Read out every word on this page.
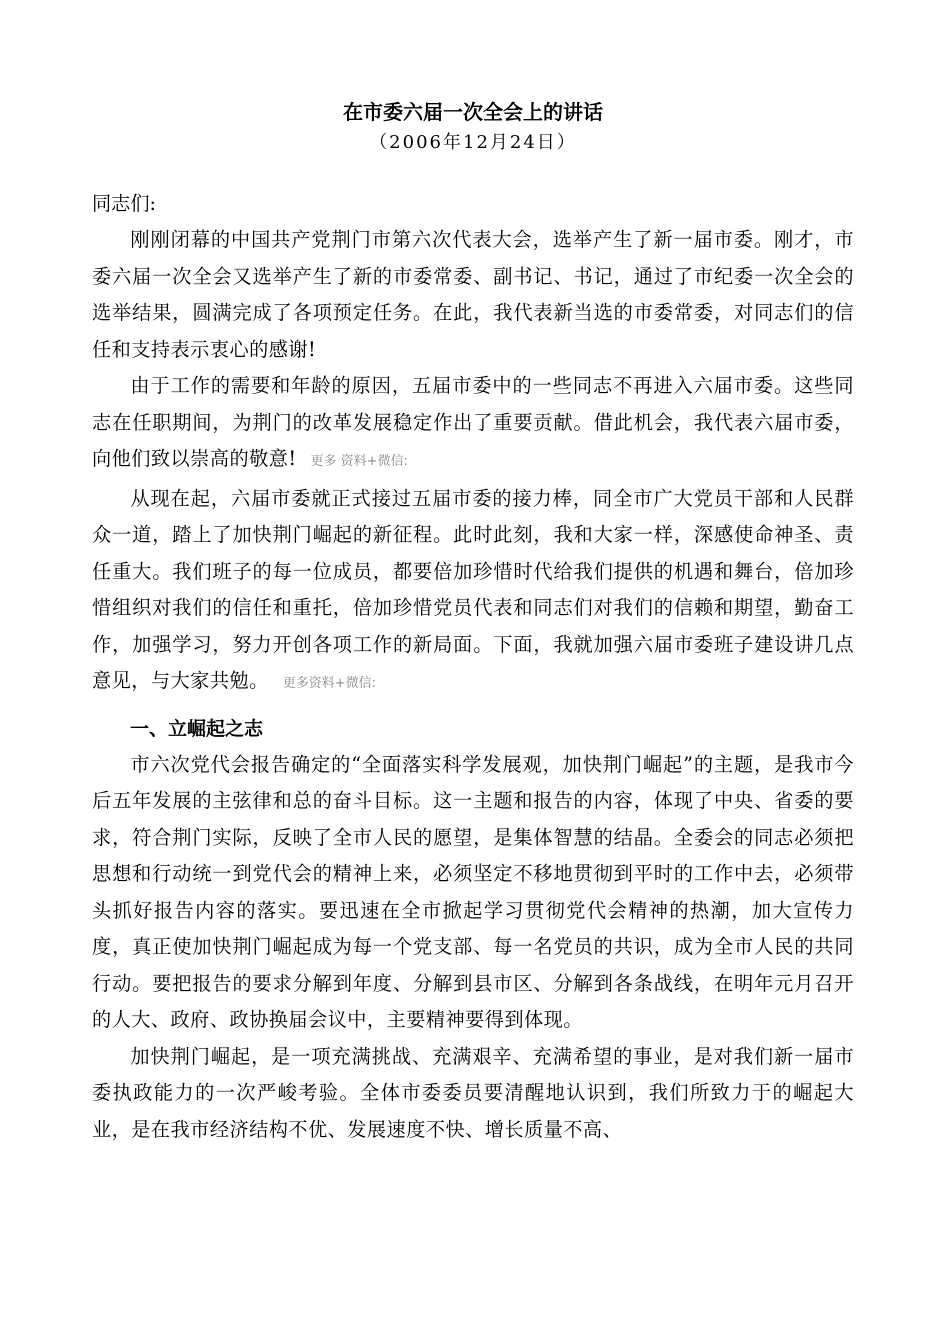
在市委六届一次全会上的讲话
（2006年12月24日）
同志们:

刚刚闭幕的中国共产党荆门市第六次代表大会，选举产生了新一届市委。刚才，市委六届一次全会又选举产生了新的市委常委、副书记、书记，通过了市纪委一次全会的选举结果，圆满完成了各项预定任务。在此，我代表新当选的市委常委，对同志们的信任和支持表示衷心的感谢!

由于工作的需要和年龄的原因，五届市委中的一些同志不再进入六届市委。这些同志在任职期间，为荆门的改革发展稳定作出了重要贡献。借此机会，我代表六届市委，向他们致以崇高的敬意! 更多 资料+微信:

从现在起，六届市委就正式接过五届市委的接力棒，同全市广大党员干部和人民群众一道，踏上了加快荆门崛起的新征程。此时此刻，我和大家一样，深感使命神圣、责任重大。我们班子的每一位成员，都要倍加珍惜时代给我们提供的机遇和舞台，倍加珍惜组织对我们的信任和重托，倍加珍惜党员代表和同志们对我们的信赖和期望，勤奋工作，加强学习，努力开创各项工作的新局面。下面，我就加强六届市委班子建设讲几点意见，与大家共勉。 更多资料+微信:

一、立崛起之志

市六次党代会报告确定的“全面落实科学发展观，加快荆门崛起”的主题，是我市今后五年发展的主弦律和总的奋斗目标。这一主题和报告的内容，体现了中央、省委的要求，符合荆门实际，反映了全市人民的愿望，是集体智慧的结晶。全委会的同志必须把思想和行动统一到党代会的精神上来，必须坚定不移地贯彻到平时的工作中去，必须带头抓好报告内容的落实。要迅速在全市掀起学习贯彻党代会精神的热潮，加大宣传力度，真正使加快荆门崛起成为每一个党支部、每一名党员的共识，成为全市人民的共同行动。要把报告的要求分解到年度、分解到县市区、分解到各条战线，在明年元月召开的人大、政府、政协换届会议中，主要精神要得到体现。

加快荆门崛起，是一项充满挑战、充满艰辛、充满希望的事业，是对我们新一届市委执政能力的一次严峻考验。全体市委委员要清醒地认识到，我们所致力于的崛起大业，是在我市经济结构不优、发展速度不快、增长质量不高、
